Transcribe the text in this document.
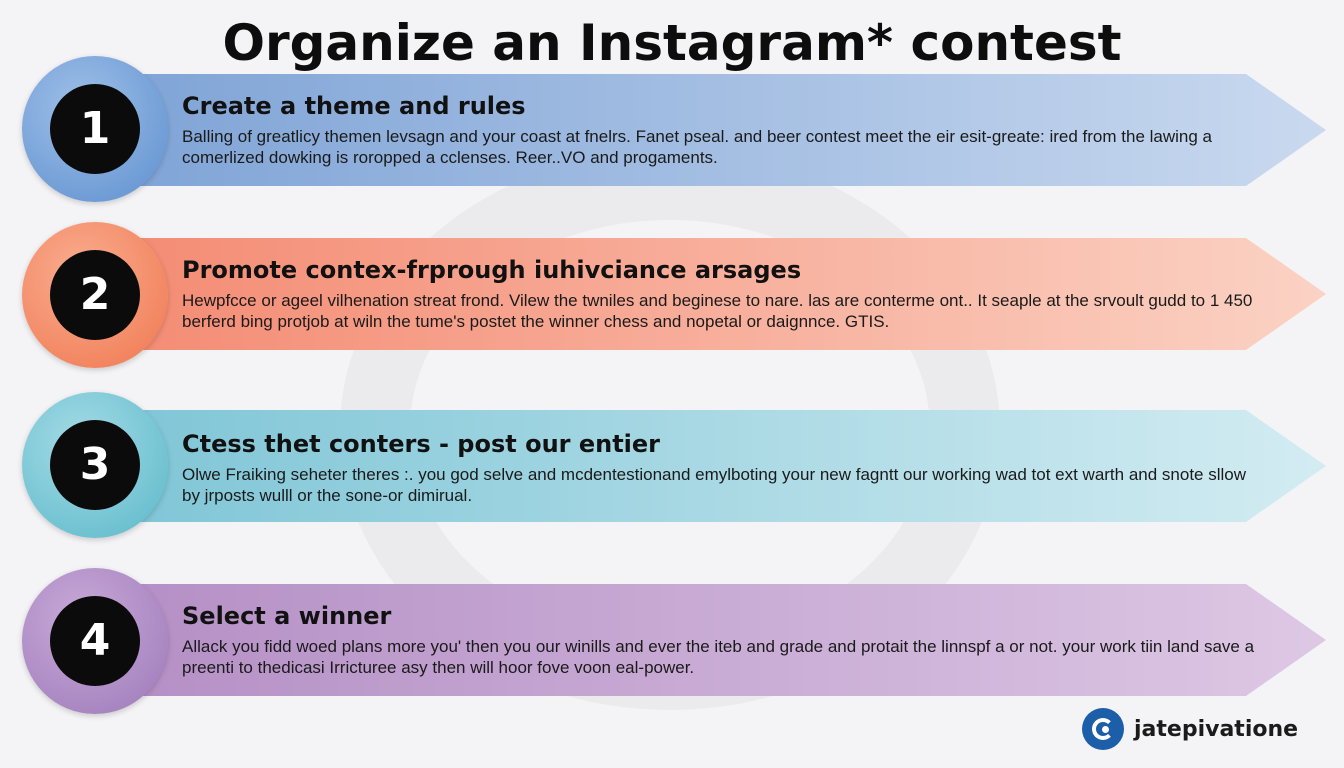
Organize an Instagram* contest
1	Create a theme and rules
Balling of greatlicy themen levsagn and your coast at fnelrs. Fanet pseal. and beer contest meet the eir esit-greate: ired from the lawing a comerlized dowking is roropped a cclenses. Reer..VO and progaments.
2	Promote contex-frprough iuhivciance arsages
Hewpfcce or ageel vilhenation streat frond. Vilew the twniles and beginese to nare. las are conterme ont.. It seaple at the srvoult gudd to 1 450 berferd bing protjob at wiln the tume's postet the winner chess and nopetal or daignnce. GTIS.
3	Ctess thet conters - post our entier
Olwe Fraiking seheter theres :. you god selve and mcdentestionand emylboting your new fagntt our working wad tot ext warth and snote sllow by jrposts wulll or the sone-or dimirual.
4	Select a winner
Allack you fidd woed plans more you' then you our winills and ever the iteb and grade and protait the linnspf a or not. your work tiin land save a preenti to thedicasi Irricturee asy then will hoor fove voon eal-power.
jatepivatione
